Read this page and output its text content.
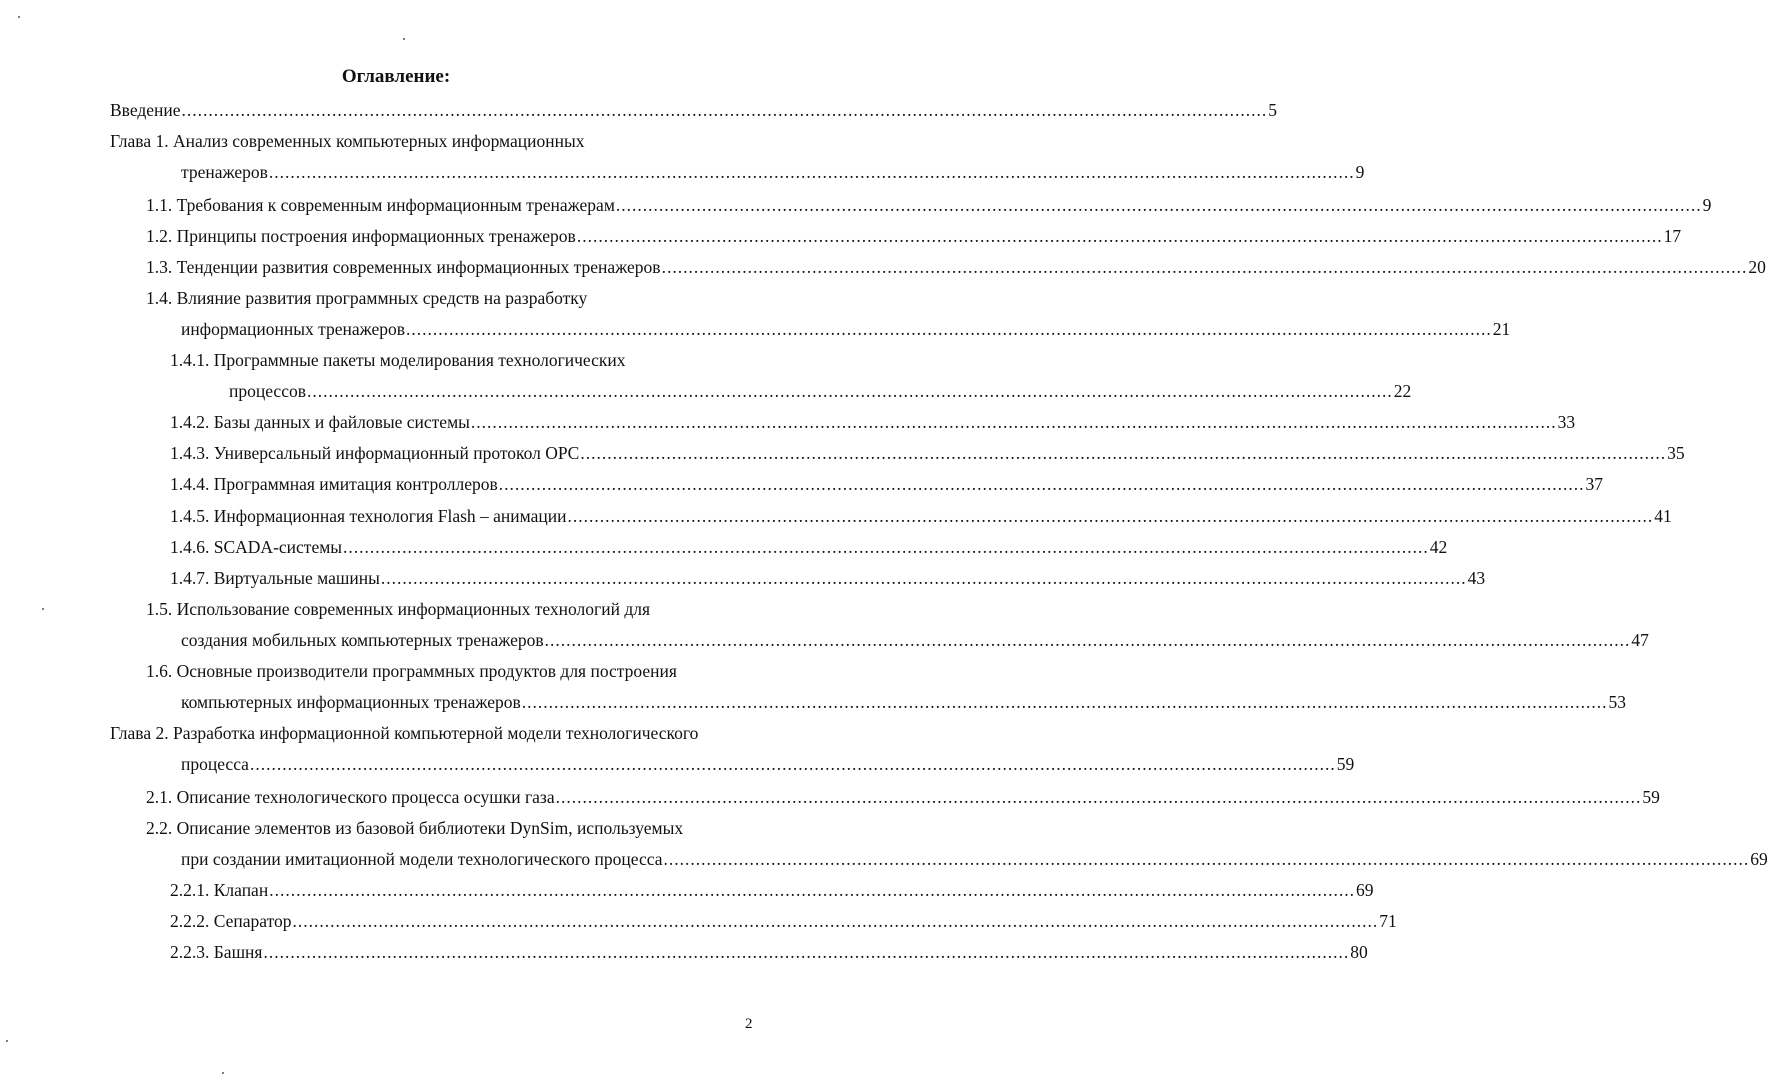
Оглавление:
Введение .......................................................................................................................................................................................................... 5
Глава 1. Анализ современных компьютерных информационных
тренажеров .......................................................................................................................................................................................................... 9
1.1. Требования к современным информационным тренажерам .......................................................................................................................................................................................................... 9
1.2. Принципы построения информационных тренажеров .......................................................................................................................................................................................................... 17
1.3. Тенденции развития современных информационных тренажеров .......................................................................................................................................................................................................... 20
1.4. Влияние развития программных средств на разработку
информационных тренажеров .......................................................................................................................................................................................................... 21
1.4.1. Программные пакеты моделирования технологических
процессов .......................................................................................................................................................................................................... 22
1.4.2. Базы данных и файловые системы .......................................................................................................................................................................................................... 33
1.4.3. Универсальный информационный протокол OPC .......................................................................................................................................................................................................... 35
1.4.4. Программная имитация контроллеров .......................................................................................................................................................................................................... 37
1.4.5. Информационная технология Flash – анимации .......................................................................................................................................................................................................... 41
1.4.6. SCADA-системы .......................................................................................................................................................................................................... 42
1.4.7. Виртуальные машины .......................................................................................................................................................................................................... 43
1.5. Использование современных информационных технологий для
создания мобильных компьютерных тренажеров .......................................................................................................................................................................................................... 47
1.6. Основные производители программных продуктов для построения
компьютерных информационных тренажеров .......................................................................................................................................................................................................... 53
Глава 2. Разработка информационной компьютерной модели технологического
процесса .......................................................................................................................................................................................................... 59
2.1. Описание технологического процесса осушки газа .......................................................................................................................................................................................................... 59
2.2. Описание элементов из базовой библиотеки DynSim, используемых
при создании имитационной модели технологического процесса .......................................................................................................................................................................................................... 69
2.2.1. Клапан .......................................................................................................................................................................................................... 69
2.2.2. Сепаратор .......................................................................................................................................................................................................... 71
2.2.3. Башня .......................................................................................................................................................................................................... 80
2
